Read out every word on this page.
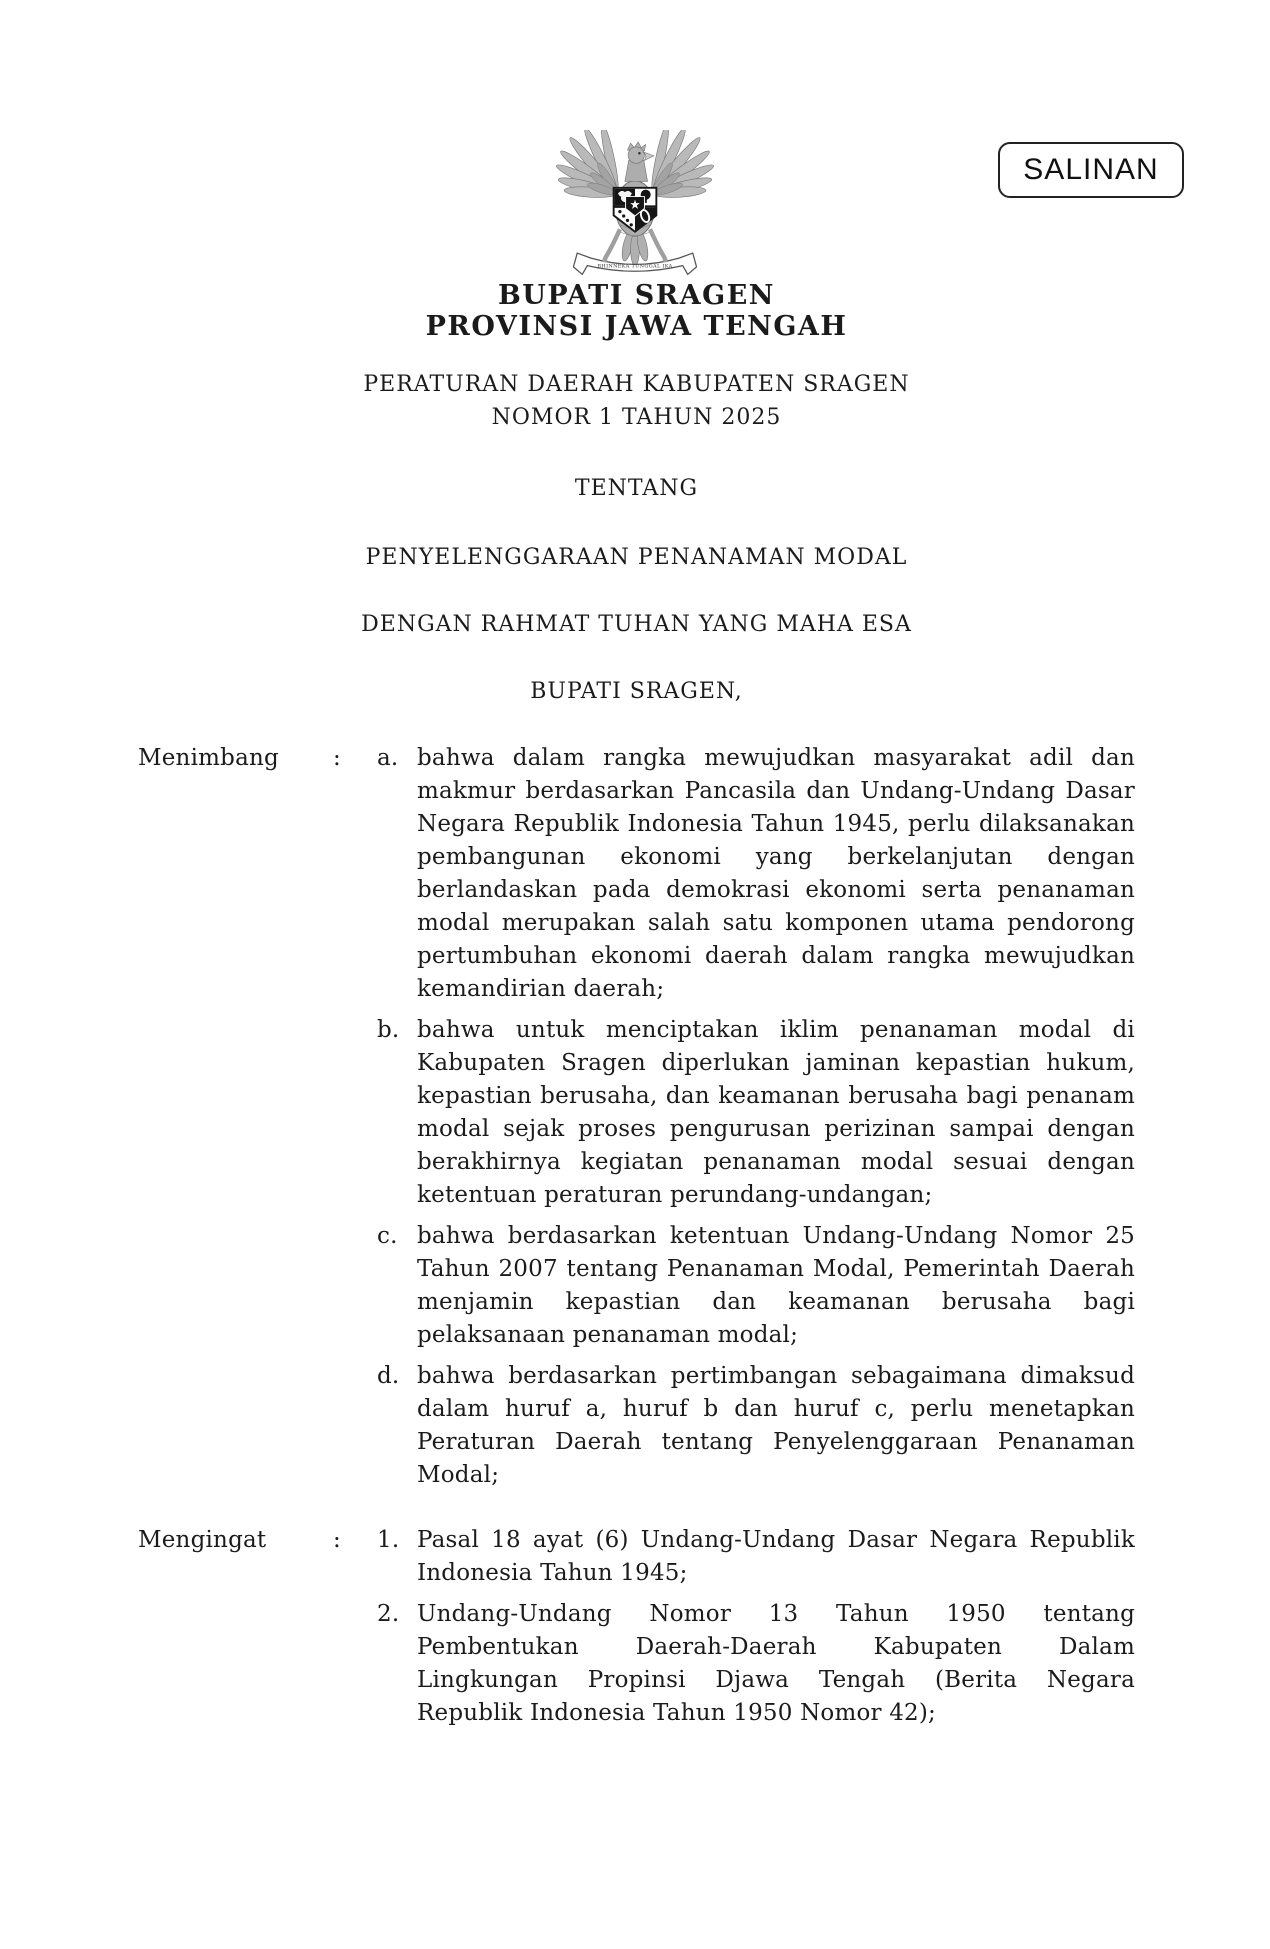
SALINAN
BHINNEKA TUNGGAL IKA
BUPATI SRAGEN
PROVINSI JAWA TENGAH
PERATURAN DAERAH KABUPATEN SRAGEN
NOMOR 1 TAHUN 2025
TENTANG
PENYELENGGARAAN PENANAMAN MODAL
DENGAN RAHMAT TUHAN YANG MAHA ESA
BUPATI SRAGEN,
Menimbang	:	a. bahwa dalam rangka mewujudkan masyarakat adil dan makmur berdasarkan Pancasila dan Undang-Undang Dasar Negara Republik Indonesia Tahun 1945, perlu dilaksanakan pembangunan ekonomi yang berkelanjutan dengan berlandaskan pada demokrasi ekonomi serta penanaman modal merupakan salah satu komponen utama pendorong pertumbuhan ekonomi daerah dalam rangka mewujudkan kemandirian daerah;
b. bahwa untuk menciptakan iklim penanaman modal di Kabupaten Sragen diperlukan jaminan kepastian hukum, kepastian berusaha, dan keamanan berusaha bagi penanam modal sejak proses pengurusan perizinan sampai dengan berakhirnya kegiatan penanaman modal sesuai dengan ketentuan peraturan perundang-undangan;
c. bahwa berdasarkan ketentuan Undang-Undang Nomor 25 Tahun 2007 tentang Penanaman Modal, Pemerintah Daerah menjamin kepastian dan keamanan berusaha bagi pelaksanaan penanaman modal;
d. bahwa berdasarkan pertimbangan sebagaimana dimaksud dalam huruf a, huruf b dan huruf c, perlu menetapkan Peraturan Daerah tentang Penyelenggaraan Penanaman Modal;
Mengingat	:	1. Pasal 18 ayat (6) Undang-Undang Dasar Negara Republik Indonesia Tahun 1945;
2. Undang-Undang Nomor 13 Tahun 1950 tentang Pembentukan Daerah-Daerah Kabupaten Dalam Lingkungan Propinsi Djawa Tengah (Berita Negara Republik Indonesia Tahun 1950 Nomor 42);
